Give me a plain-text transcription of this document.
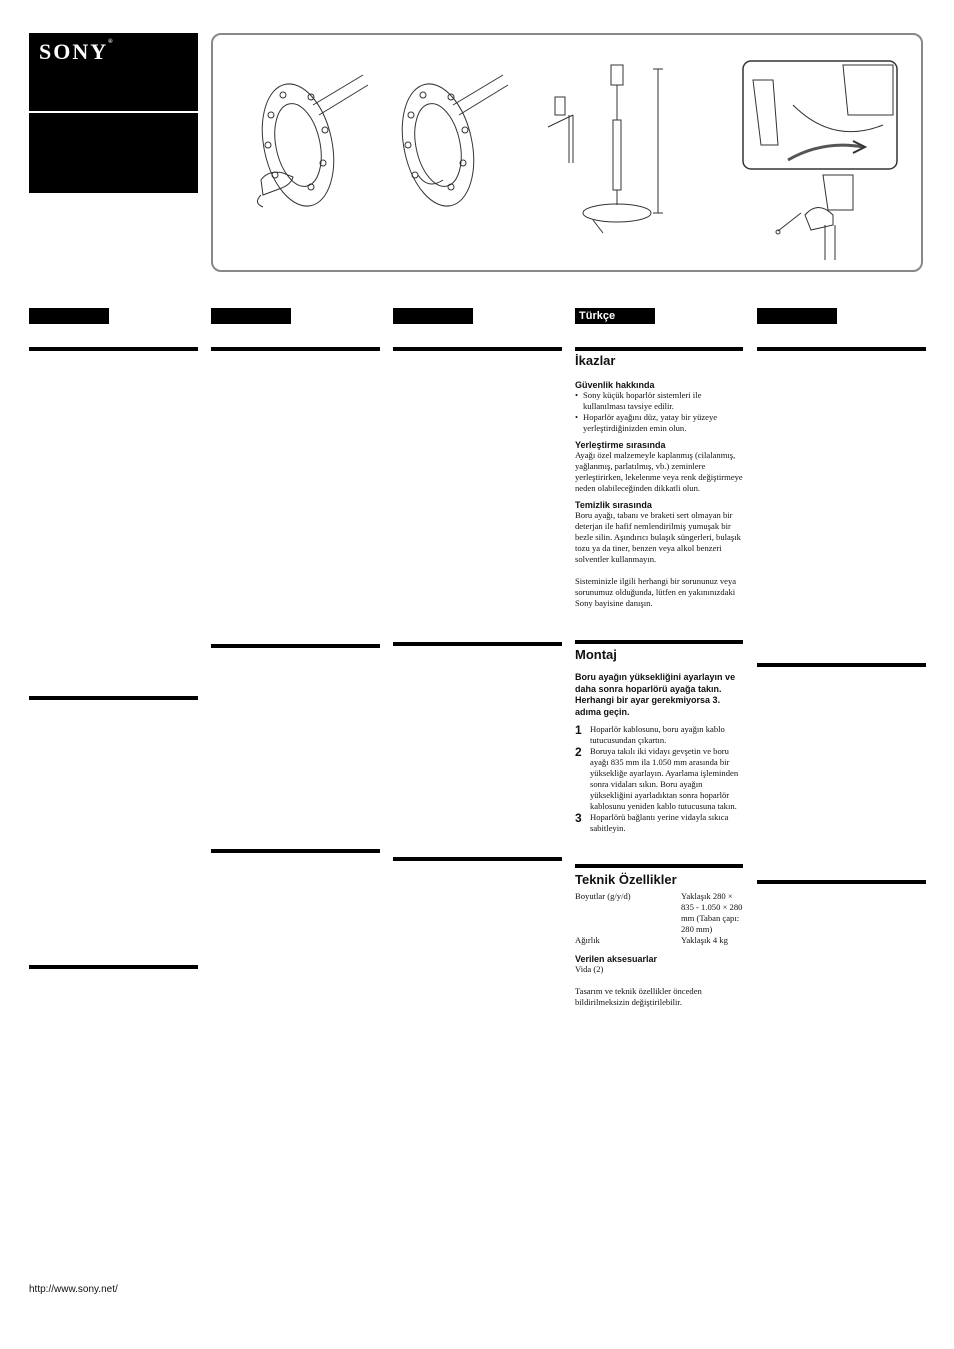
SONY®
Türkçe
İkazlar
Güvenlik hakkında
• Sony küçük hoparlör sistemleri ile kullanılması tavsiye edilir.
• Hoparlör ayağını düz, yatay bir yüzeye yerleştirdiğinizden emin olun.
Yerleştirme sırasında

Ayağı özel malzemeyle kaplanmış (cilalanmış, yağlanmış, parlatılmış, vb.) zeminlere yerleştirirken, lekelenme veya renk değiştirmeye neden olabileceğinden dikkatli olun.

Temizlik sırasında

Boru ayağı, tabanı ve braketi sert olmayan bir deterjan ile hafif nemlendirilmiş yumuşak bir bezle silin. Aşındırıcı bulaşık süngerleri, bulaşık tozu ya da tiner, benzen veya alkol benzeri solventler kullanmayın.

Sisteminizle ilgili herhangi bir sorununuz veya sorunumuz olduğunda, lütfen en yakınınızdaki Sony bayisine danışın.

Montaj

Boru ayağın yüksekliğini ayarlayın ve daha sonra hoparlörü ayağa takın. Herhangi bir ayar gerekmiyorsa 3. adıma geçin.

1 Hoparlör kablosunu, boru ayağın kablo tutucusundan çıkartın.
2 Boruya takılı iki vidayı gevşetin ve boru ayağı 835 mm ila 1.050 mm arasında bir yüksekliğe ayarlayın. Ayarlama işleminden sonra vidaları sıkın. Boru ayağın yüksekliğini ayarladıktan sonra hoparlör kablosunu yeniden kablo tutucusuna takın.
3 Hoparlörü bağlantı yerine vidayla sıkıca sabitleyin.
Teknik Özellikler
Boyutlar (g/y/d)	Yaklaşık 280 × 835 - 1.050 × 280 mm (Taban çapı: 280 mm)
Ağırlık	Yaklaşık 4 kg
Verilen aksesuarlar

Vida (2)

Tasarım ve teknik özellikler önceden bildirilmeksizin değiştirilebilir.

http://www.sony.net/
